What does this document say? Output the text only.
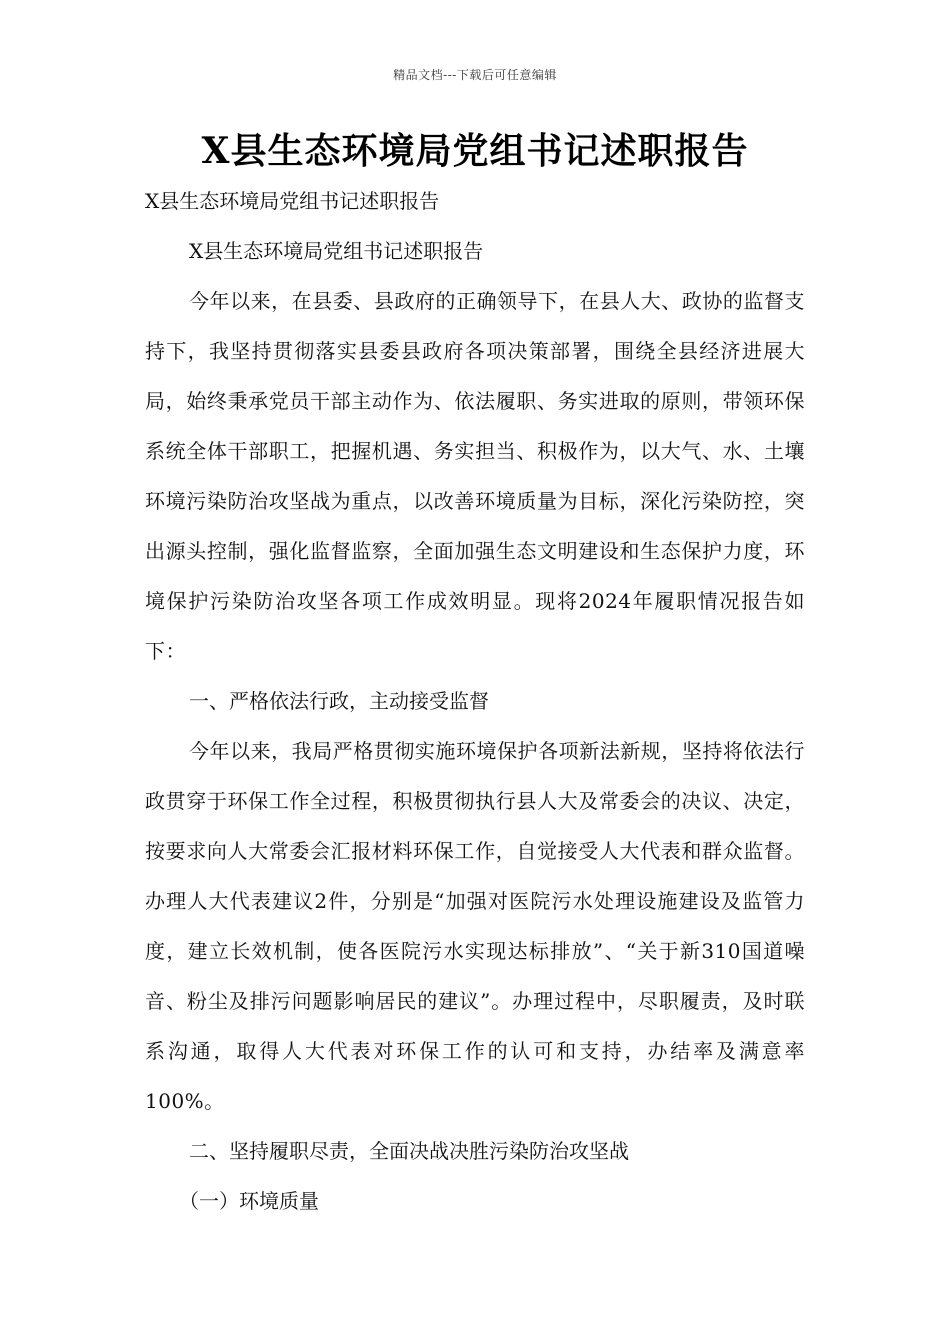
精品文档---下载后可任意编辑
X县生态环境局党组书记述职报告

X县生态环境局党组书记述职报告

X县生态环境局党组书记述职报告

今年以来，在县委、县政府的正确领导下，在县人大、政协的监督支持下，我坚持贯彻落实县委县政府各项决策部署，围绕全县经济进展大局，始终秉承党员干部主动作为、依法履职、务实进取的原则，带领环保系统全体干部职工，把握机遇、务实担当、积极作为，以大气、水、土壤环境污染防治攻坚战为重点，以改善环境质量为目标，深化污染防控，突出源头控制，强化监督监察，全面加强生态文明建设和生态保护力度，环境保护污染防治攻坚各项工作成效明显。现将2024年履职情况报告如下：

一、严格依法行政，主动接受监督

今年以来，我局严格贯彻实施环境保护各项新法新规，坚持将依法行政贯穿于环保工作全过程，积极贯彻执行县人大及常委会的决议、决定，按要求向人大常委会汇报材料环保工作，自觉接受人大代表和群众监督。办理人大代表建议2件，分别是“加强对医院污水处理设施建设及监管力度，建立长效机制，使各医院污水实现达标排放”、“关于新310国道噪音、粉尘及排污问题影响居民的建议”。办理过程中，尽职履责，及时联系沟通，取得人大代表对环保工作的认可和支持，办结率及满意率100%。

二、坚持履职尽责，全面决战决胜污染防治攻坚战

（一）环境质量
